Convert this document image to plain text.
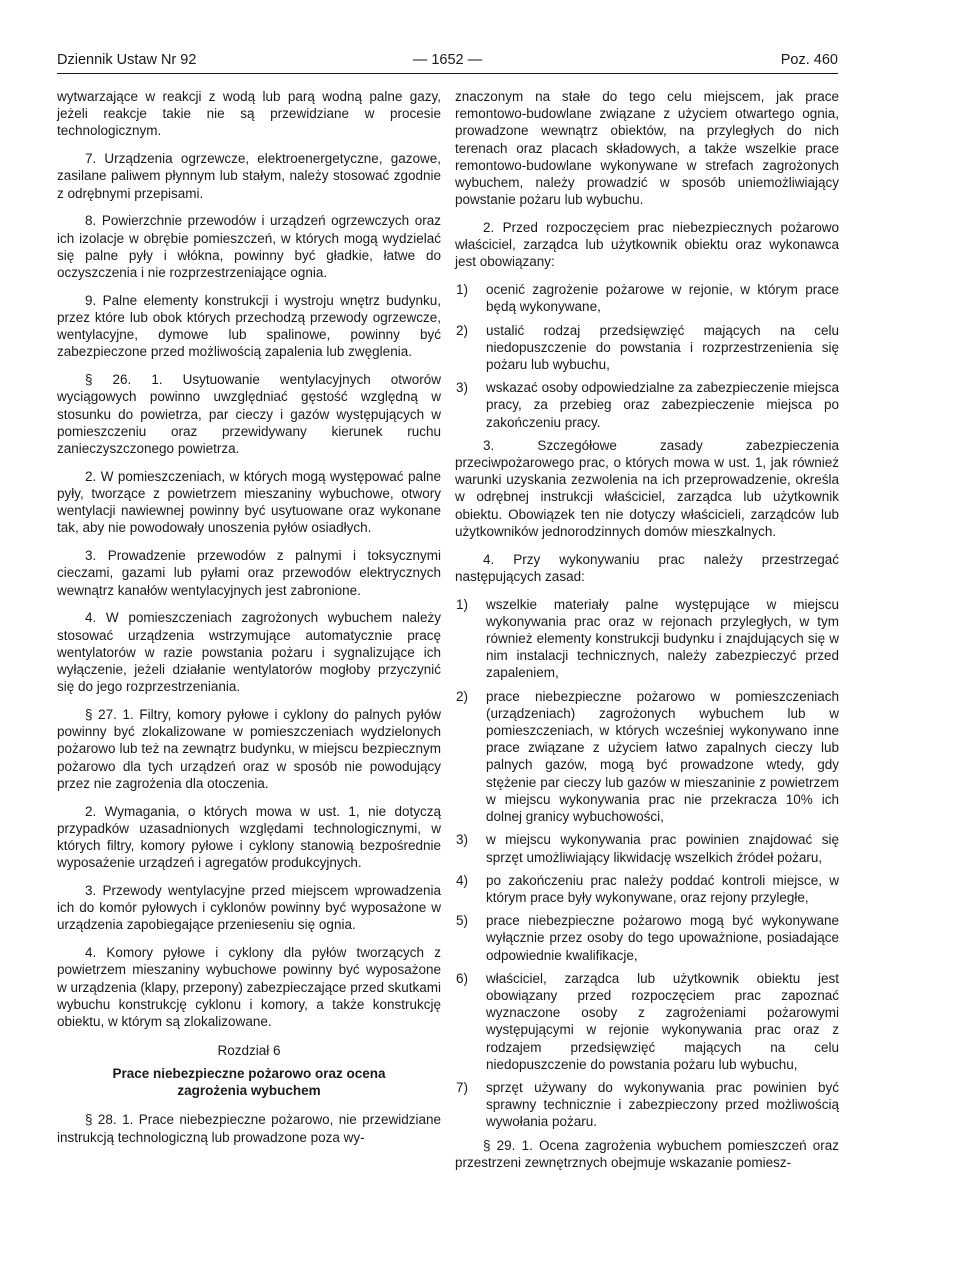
Dziennik Ustaw Nr 92	— 1652 —	Poz. 460

wytwarzające w reakcji z wodą lub parą wodną palne gazy, jeżeli reakcje takie nie są przewidziane w procesie technologicznym.

7. Urządzenia ogrzewcze, elektroenergetyczne, gazowe, zasilane paliwem płynnym lub stałym, należy stosować zgodnie z odrębnymi przepisami.

8. Powierzchnie przewodów i urządzeń ogrzewczych oraz ich izolacje w obrębie pomieszczeń, w których mogą wydzielać się palne pyły i włókna, powinny być gładkie, łatwe do oczyszczenia i nie rozprzestrzeniające ognia.

9. Palne elementy konstrukcji i wystroju wnętrz budynku, przez które lub obok których przechodzą przewody ogrzewcze, wentylacyjne, dymowe lub spalinowe, powinny być zabezpieczone przed możliwością zapalenia lub zwęglenia.

§ 26. 1. Usytuowanie wentylacyjnych otworów wyciągowych powinno uwzględniać gęstość względną w stosunku do powietrza, par cieczy i gazów występujących w pomieszczeniu oraz przewidywany kierunek ruchu zanieczyszczonego powietrza.

2. W pomieszczeniach, w których mogą występować palne pyły, tworzące z powietrzem mieszaniny wybuchowe, otwory wentylacji nawiewnej powinny być usytuowane oraz wykonane tak, aby nie powodowały unoszenia pyłów osiadłych.

3. Prowadzenie przewodów z palnymi i toksycznymi cieczami, gazami lub pyłami oraz przewodów elektrycznych wewnątrz kanałów wentylacyjnych jest zabronione.

4. W pomieszczeniach zagrożonych wybuchem należy stosować urządzenia wstrzymujące automatycznie pracę wentylatorów w razie powstania pożaru i sygnalizujące ich wyłączenie, jeżeli działanie wentylatorów mogłoby przyczynić się do jego rozprzestrzeniania.

§ 27. 1. Filtry, komory pyłowe i cyklony do palnych pyłów powinny być zlokalizowane w pomieszczeniach wydzielonych pożarowo lub też na zewnątrz budynku, w miejscu bezpiecznym pożarowo dla tych urządzeń oraz w sposób nie powodujący przez nie zagrożenia dla otoczenia.

2. Wymagania, o których mowa w ust. 1, nie dotyczą przypadków uzasadnionych względami technologicznymi, w których filtry, komory pyłowe i cyklony stanowią bezpośrednie wyposażenie urządzeń i agregatów produkcyjnych.

3. Przewody wentylacyjne przed miejscem wprowadzenia ich do komór pyłowych i cyklonów powinny być wyposażone w urządzenia zapobiegające przenieseniu się ognia.

4. Komory pyłowe i cyklony dla pyłów tworzących z powietrzem mieszaniny wybuchowe powinny być wyposażone w urządzenia (klapy, przepony) zabezpieczające przed skutkami wybuchu konstrukcję cyklonu i komory, a także konstrukcję obiektu, w którym są zlokalizowane.

Rozdział 6
Prace niebezpieczne pożarowo oraz ocena zagrożenia wybuchem

§ 28. 1. Prace niebezpieczne pożarowo, nie przewidziane instrukcją technologiczną lub prowadzone poza wy-

znaczonym na stałe do tego celu miejscem, jak prace remontowo-budowlane związane z użyciem otwartego ognia, prowadzone wewnątrz obiektów, na przyległych do nich terenach oraz placach składowych, a także wszelkie prace remontowo-budowlane wykonywane w strefach zagrożonych wybuchem, należy prowadzić w sposób uniemożliwiający powstanie pożaru lub wybuchu.

2. Przed rozpoczęciem prac niebezpiecznych pożarowo właściciel, zarządca lub użytkownik obiektu oraz wykonawca jest obowiązany:

1)	ocenić zagrożenie pożarowe w rejonie, w którym prace będą wykonywane,
2)	ustalić rodzaj przedsięwzięć mających na celu niedopuszczenie do powstania i rozprzestrzenienia się pożaru lub wybuchu,
3)	wskazać osoby odpowiedzialne za zabezpieczenie miejsca pracy, za przebieg oraz zabezpieczenie miejsca po zakończeniu pracy.

3. Szczegółowe zasady zabezpieczenia przeciwpożarowego prac, o których mowa w ust. 1, jak również warunki uzyskania zezwolenia na ich przeprowadzenie, określa w odrębnej instrukcji właściciel, zarządca lub użytkownik obiektu. Obowiązek ten nie dotyczy właścicieli, zarządców lub użytkowników jednorodzinnych domów mieszkalnych.

4. Przy wykonywaniu prac należy przestrzegać następujących zasad:

1)	wszelkie materiały palne występujące w miejscu wykonywania prac oraz w rejonach przyległych, w tym również elementy konstrukcji budynku i znajdujących się w nim instalacji technicznych, należy zabezpieczyć przed zapaleniem,
2)	prace niebezpieczne pożarowo w pomieszczeniach (urządzeniach) zagrożonych wybuchem lub w pomieszczeniach, w których wcześniej wykonywano inne prace związane z użyciem łatwo zapalnych cieczy lub palnych gazów, mogą być prowadzone wtedy, gdy stężenie par cieczy lub gazów w mieszaninie z powietrzem w miejscu wykonywania prac nie przekracza 10% ich dolnej granicy wybuchowości,
3)	w miejscu wykonywania prac powinien znajdować się sprzęt umożliwiający likwidację wszelkich źródeł pożaru,
4)	po zakończeniu prac należy poddać kontroli miejsce, w którym prace były wykonywane, oraz rejony przyległe,
5)	prace niebezpieczne pożarowo mogą być wykonywane wyłącznie przez osoby do tego upoważnione, posiadające odpowiednie kwalifikacje,
6)	właściciel, zarządca lub użytkownik obiektu jest obowiązany przed rozpoczęciem prac zapoznać wyznaczone osoby z zagrożeniami pożarowymi występującymi w rejonie wykonywania prac oraz z rodzajem przedsięwzięć mających na celu niedopuszczenie do powstania pożaru lub wybuchu,
7)	sprzęt używany do wykonywania prac powinien być sprawny technicznie i zabezpieczony przed możliwością wywołania pożaru.

§ 29. 1. Ocena zagrożenia wybuchem pomieszczeń oraz przestrzeni zewnętrznych obejmuje wskazanie pomiesz-
